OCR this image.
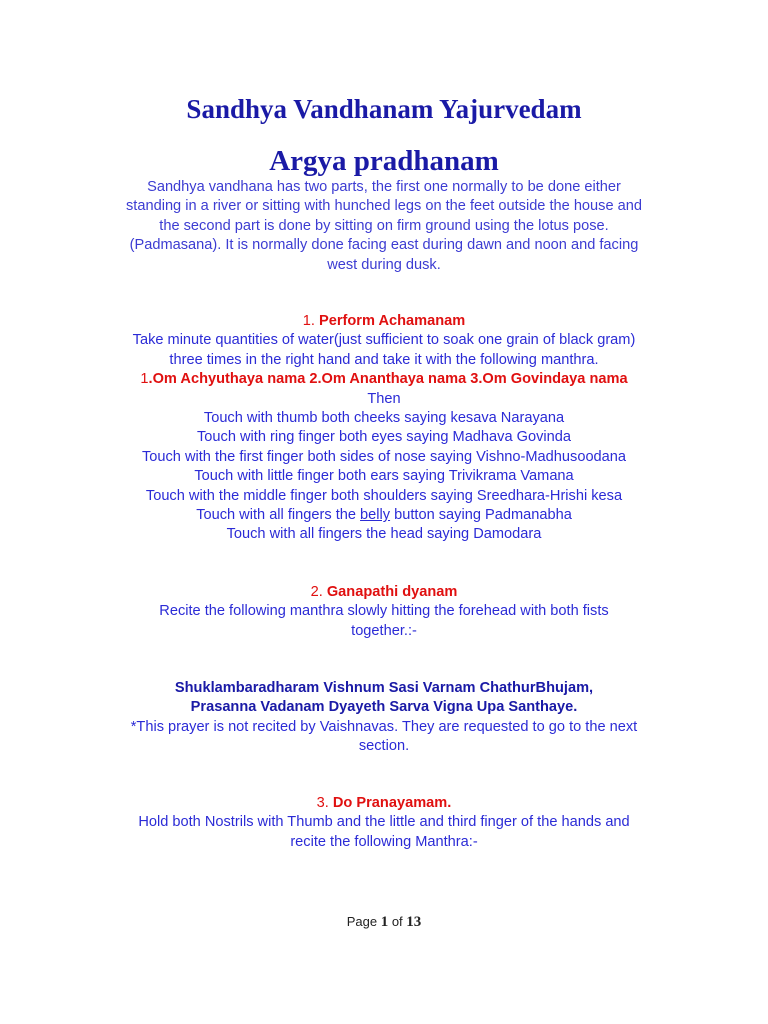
Sandhya Vandhanam Yajurvedam
Argya pradhanam
Sandhya vandhana has two parts, the first one normally to be done either
standing in a river or sitting with hunched legs on the feet outside the house and
the second part is done by sitting on firm ground using the lotus pose.
(Padmasana). It is normally done facing east during dawn and noon and facing
west during dusk.
1. Perform Achamanam
Take minute quantities of water(just sufficient to soak one grain of black gram)
three times in the right hand and take it with the following manthra.
1.Om Achyuthaya nama 2.Om Ananthaya nama 3.Om Govindaya nama
Then
Touch with thumb both cheeks saying kesava Narayana
Touch with ring finger both eyes saying Madhava Govinda
Touch with the first finger both sides of nose saying Vishno-Madhusoodana
Touch with little finger both ears saying Trivikrama Vamana
Touch with the middle finger both shoulders saying Sreedhara-Hrishi kesa
Touch with all fingers the belly button saying Padmanabha
Touch with all fingers the head saying Damodara
2. Ganapathi dyanam
Recite the following manthra slowly hitting the forehead with both fists
together.:-
Shuklambaradharam Vishnum Sasi Varnam ChathurBhujam,
Prasanna Vadanam Dyayeth Sarva Vigna Upa Santhaye.
*This prayer is not recited by Vaishnavas. They are requested to go to the next
section.
3. Do Pranayamam.
Hold both Nostrils with Thumb and the little and third finger of the hands and
recite the following Manthra:-
Page 1 of 13
